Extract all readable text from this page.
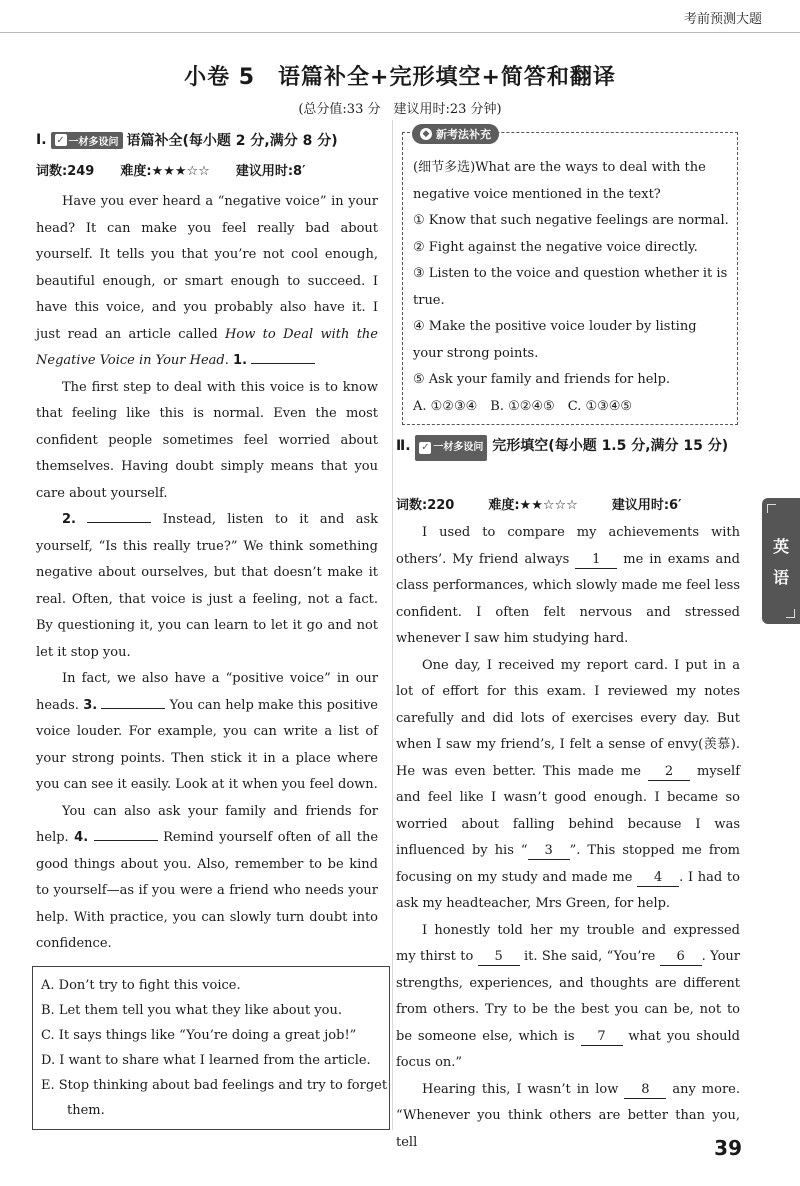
考前预测大题
小卷 5　语篇补全+完形填空+简答和翻译
(总分值:33 分　建议用时:23 分钟)
Ⅰ. ✓ 一材多设问 语篇补全(每小题 2 分,满分 8 分)
词数:249 难度:★★★☆☆ 建议用时:8′

Have you ever heard a “negative voice” in your head? It can make you feel really bad about yourself. It tells you that you’re not cool enough, beautiful enough, or smart enough to succeed. I have this voice, and you probably also have it. I just read an article called How to Deal with the Negative Voice in Your Head. 1.

The first step to deal with this voice is to know that feeling like this is normal. Even the most confident people sometimes feel worried about themselves. Having doubt simply means that you care about yourself.

2.	Instead, listen to it and ask yourself, “Is this really true?” We think something negative about ourselves, but that doesn’t make it real. Often, that voice is just a feeling, not a fact. By questioning it, you can learn to let it go and not let it stop you.

In fact, we also have a “positive voice” in our heads. 3.	You can help make this positive voice louder. For example, you can write a list of your strong points. Then stick it in a place where you can see it easily. Look at it when you feel down.

You can also ask your family and friends for help. 4.	Remind yourself often of all the good things about you. Also, remember to be kind to yourself—as if you were a friend who needs your help. With practice, you can slowly turn doubt into confidence.

A. Don’t try to fight this voice.
B. Let them tell you what they like about you.
C. It says things like “You’re doing a great job!”
D. I want to share what I learned from the article.
E. Stop thinking about bad feelings and try to forget
them.
(细节多选)What are the ways to deal with the negative voice mentioned in the text?
① Know that such negative feelings are normal.
② Fight against the negative voice directly.
③ Listen to the voice and question whether it is true.
④ Make the positive voice louder by listing your strong points.
⑤ Ask your family and friends for help.
A. ①②③④　B. ①②④⑤　C. ①③④⑤
◆ 新考法补充
Ⅱ. ✓ 一材多设问 完形填空(每小题 1.5 分,满分 15 分)
词数:220	难度:★★☆☆☆	建议用时:6′

I used to compare my achievements with others’. My friend always 1 me in exams and class performances, which slowly made me feel less confident. I often felt nervous and stressed whenever I saw him studying hard.

One day, I received my report card. I put in a lot of effort for this exam. I reviewed my notes carefully and did lots of exercises every day. But when I saw my friend’s, I felt a sense of envy(羡慕). He was even better. This made me 2 myself and feel like I wasn’t good enough. I became so worried about falling behind because I was influenced by his “ 3 ”. This stopped me from focusing on my study and made me 4 . I had to ask my headteacher, Mrs Green, for help.

I honestly told her my trouble and expressed my thirst to 5 it. She said, “You’re 6 . Your strengths, experiences, and thoughts are different from others. Try to be the best you can be, not to be someone else, which is 7 what you should focus on.”

Hearing this, I wasn’t in low 8 any more. “Whenever you think others are better than you, tell

英
语
39
